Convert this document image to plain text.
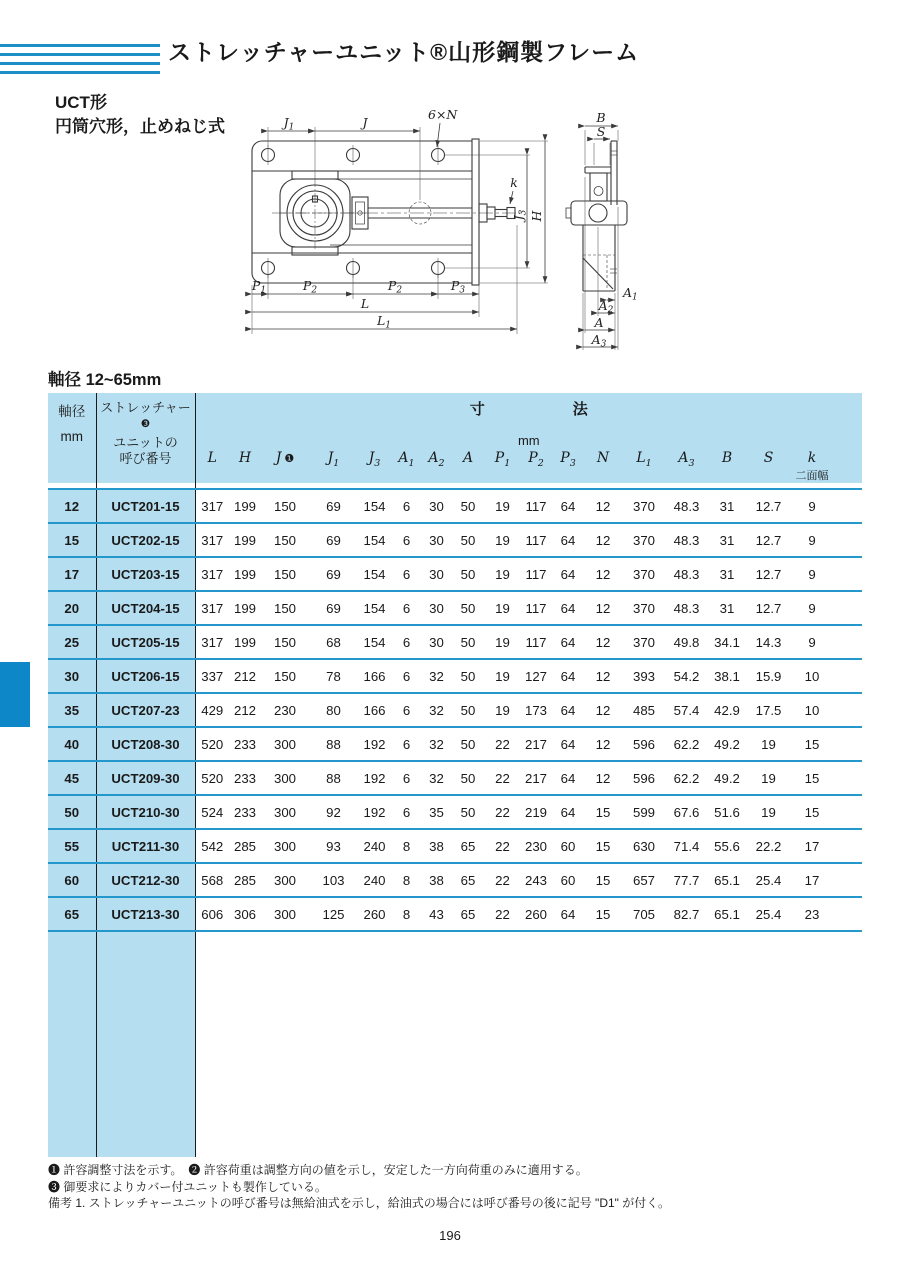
ストレッチャーユニット®山形鋼製フレーム
UCT形
円筒穴形，止めねじ式	$J_1$	J
6×N
k
$J_3$ H
$P_1$	$P_2$	$P_2$	$P_3$
L
$L_1$
B
S
$A_1$
$A_2$
A
$A_3$
軸径 12~65mm
軸径
mm

ストレッチャー$^❸$
ユニットの
呼び番号

寸法
mm

		L	H	J ❶	$J_1$	$J_3$	$A_1$	$A_2$	A	$P_1$	$P_2$	$P_3$	N	$L_1$	$A_3$	B	S	k
二面幅	

12	UCT201-15	317	199	150	69	154	6	30	50	19	117	64	12	370	48.3	31	12.7	9	
15	UCT202-15	317	199	150	69	154	6	30	50	19	117	64	12	370	48.3	31	12.7	9	
17	UCT203-15	317	199	150	69	154	6	30	50	19	117	64	12	370	48.3	31	12.7	9	
20	UCT204-15	317	199	150	69	154	6	30	50	19	117	64	12	370	48.3	31	12.7	9	
25	UCT205-15	317	199	150	68	154	6	30	50	19	117	64	12	370	49.8	34.1	14.3	9	
30	UCT206-15	337	212	150	78	166	6	32	50	19	127	64	12	393	54.2	38.1	15.9	10	
35	UCT207-23	429	212	230	80	166	6	32	50	19	173	64	12	485	57.4	42.9	17.5	10	
40	UCT208-30	520	233	300	88	192	6	32	50	22	217	64	12	596	62.2	49.2	19	15	
45	UCT209-30	520	233	300	88	192	6	32	50	22	217	64	12	596	62.2	49.2	19	15	
50	UCT210-30	524	233	300	92	192	6	35	50	22	219	64	15	599	67.6	51.6	19	15	
55	UCT211-30	542	285	300	93	240	8	38	65	22	230	60	15	630	71.4	55.6	22.2	17	
60	UCT212-30	568	285	300	103	240	8	38	65	22	243	60	15	657	77.7	65.1	25.4	17	
65	UCT213-30	606	306	300	125	260	8	43	65	22	260	64	15	705	82.7	65.1	25.4	23	

❶ 許容調整寸法を示す。　❷ 許容荷重は調整方向の値を示し，安定した一方向荷重のみに適用する。
❸ 御要求によりカバー付ユニットも製作している。
備考 1. ストレッチャーユニットの呼び番号は無給油式を示し，給油式の場合には呼び番号の後に記号 "D1" が付く。
196
